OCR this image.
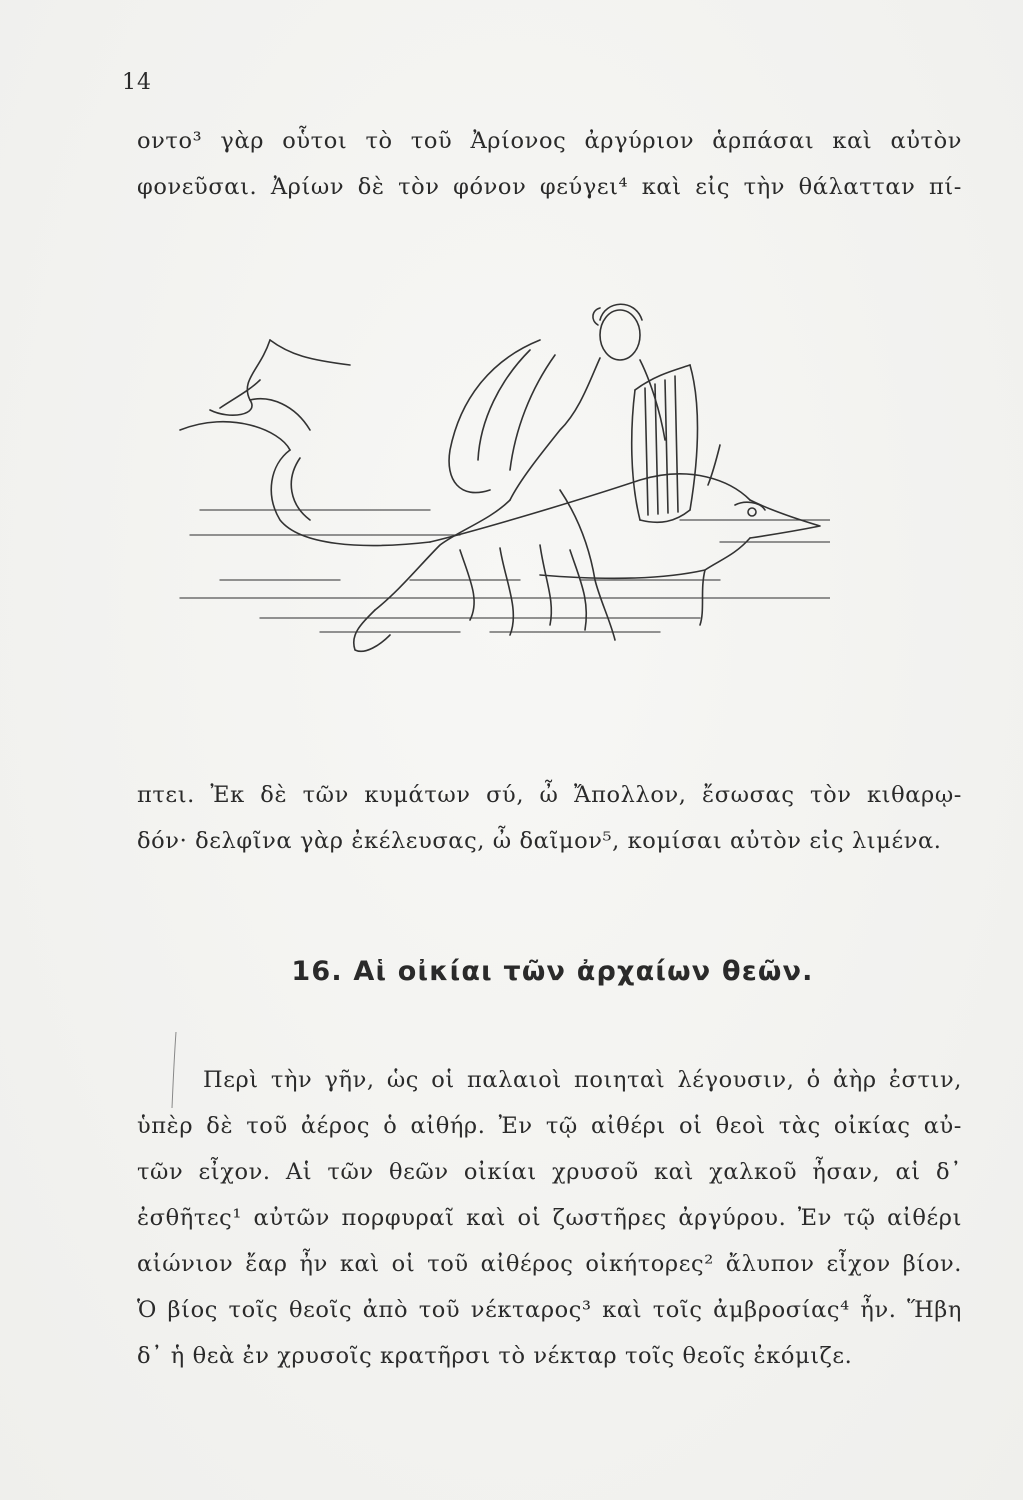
14
οντο³ γὰρ οὗτοι τὸ τοῦ Ἀρίονος ἀργύριον ἁρπάσαι καὶ αὐτὸν
φονεῦσαι. Ἀρίων δὲ τὸν φόνον φεύγει⁴ καὶ εἰς τὴν θάλατταν πί-
πτει. Ἐκ δὲ τῶν κυμάτων σύ, ὦ Ἄπολλον, ἔσωσας τὸν κιθαρῳ-
δόν· δελφῖνα γὰρ ἐκέλευσας, ὦ δαῖμον⁵, κομίσαι αὐτὸν εἰς λιμένα.
16. Αἱ οἰκίαι τῶν ἀρχαίων θεῶν.
Περὶ τὴν γῆν, ὡς οἱ παλαιοὶ ποιηταὶ λέγουσιν, ὁ ἀὴρ ἐστιν,
ὑπὲρ δὲ τοῦ ἀέρος ὁ αἰθήρ. Ἐν τῷ αἰθέρι οἱ θεοὶ τὰς οἰκίας αὐ-
τῶν εἶχον. Αἱ τῶν θεῶν οἰκίαι χρυσοῦ καὶ χαλκοῦ ἦσαν, αἱ δ᾽
ἐσθῆτες¹ αὐτῶν πορφυραῖ καὶ οἱ ζωστῆρες ἀργύρου. Ἐν τῷ αἰθέρι
αἰώνιον ἔαρ ἦν καὶ οἱ τοῦ αἰθέρος οἰκήτορες² ἄλυπον εἶχον βίον.
Ὁ βίος τοῖς θεοῖς ἀπὸ τοῦ νέκταρος³ καὶ τοῖς ἀμβροσίας⁴ ἦν. Ἥβη
δ᾽ ἡ θεὰ ἐν χρυσοῖς κρατῆρσι τὸ νέκταρ τοῖς θεοῖς ἐκόμιζε.
